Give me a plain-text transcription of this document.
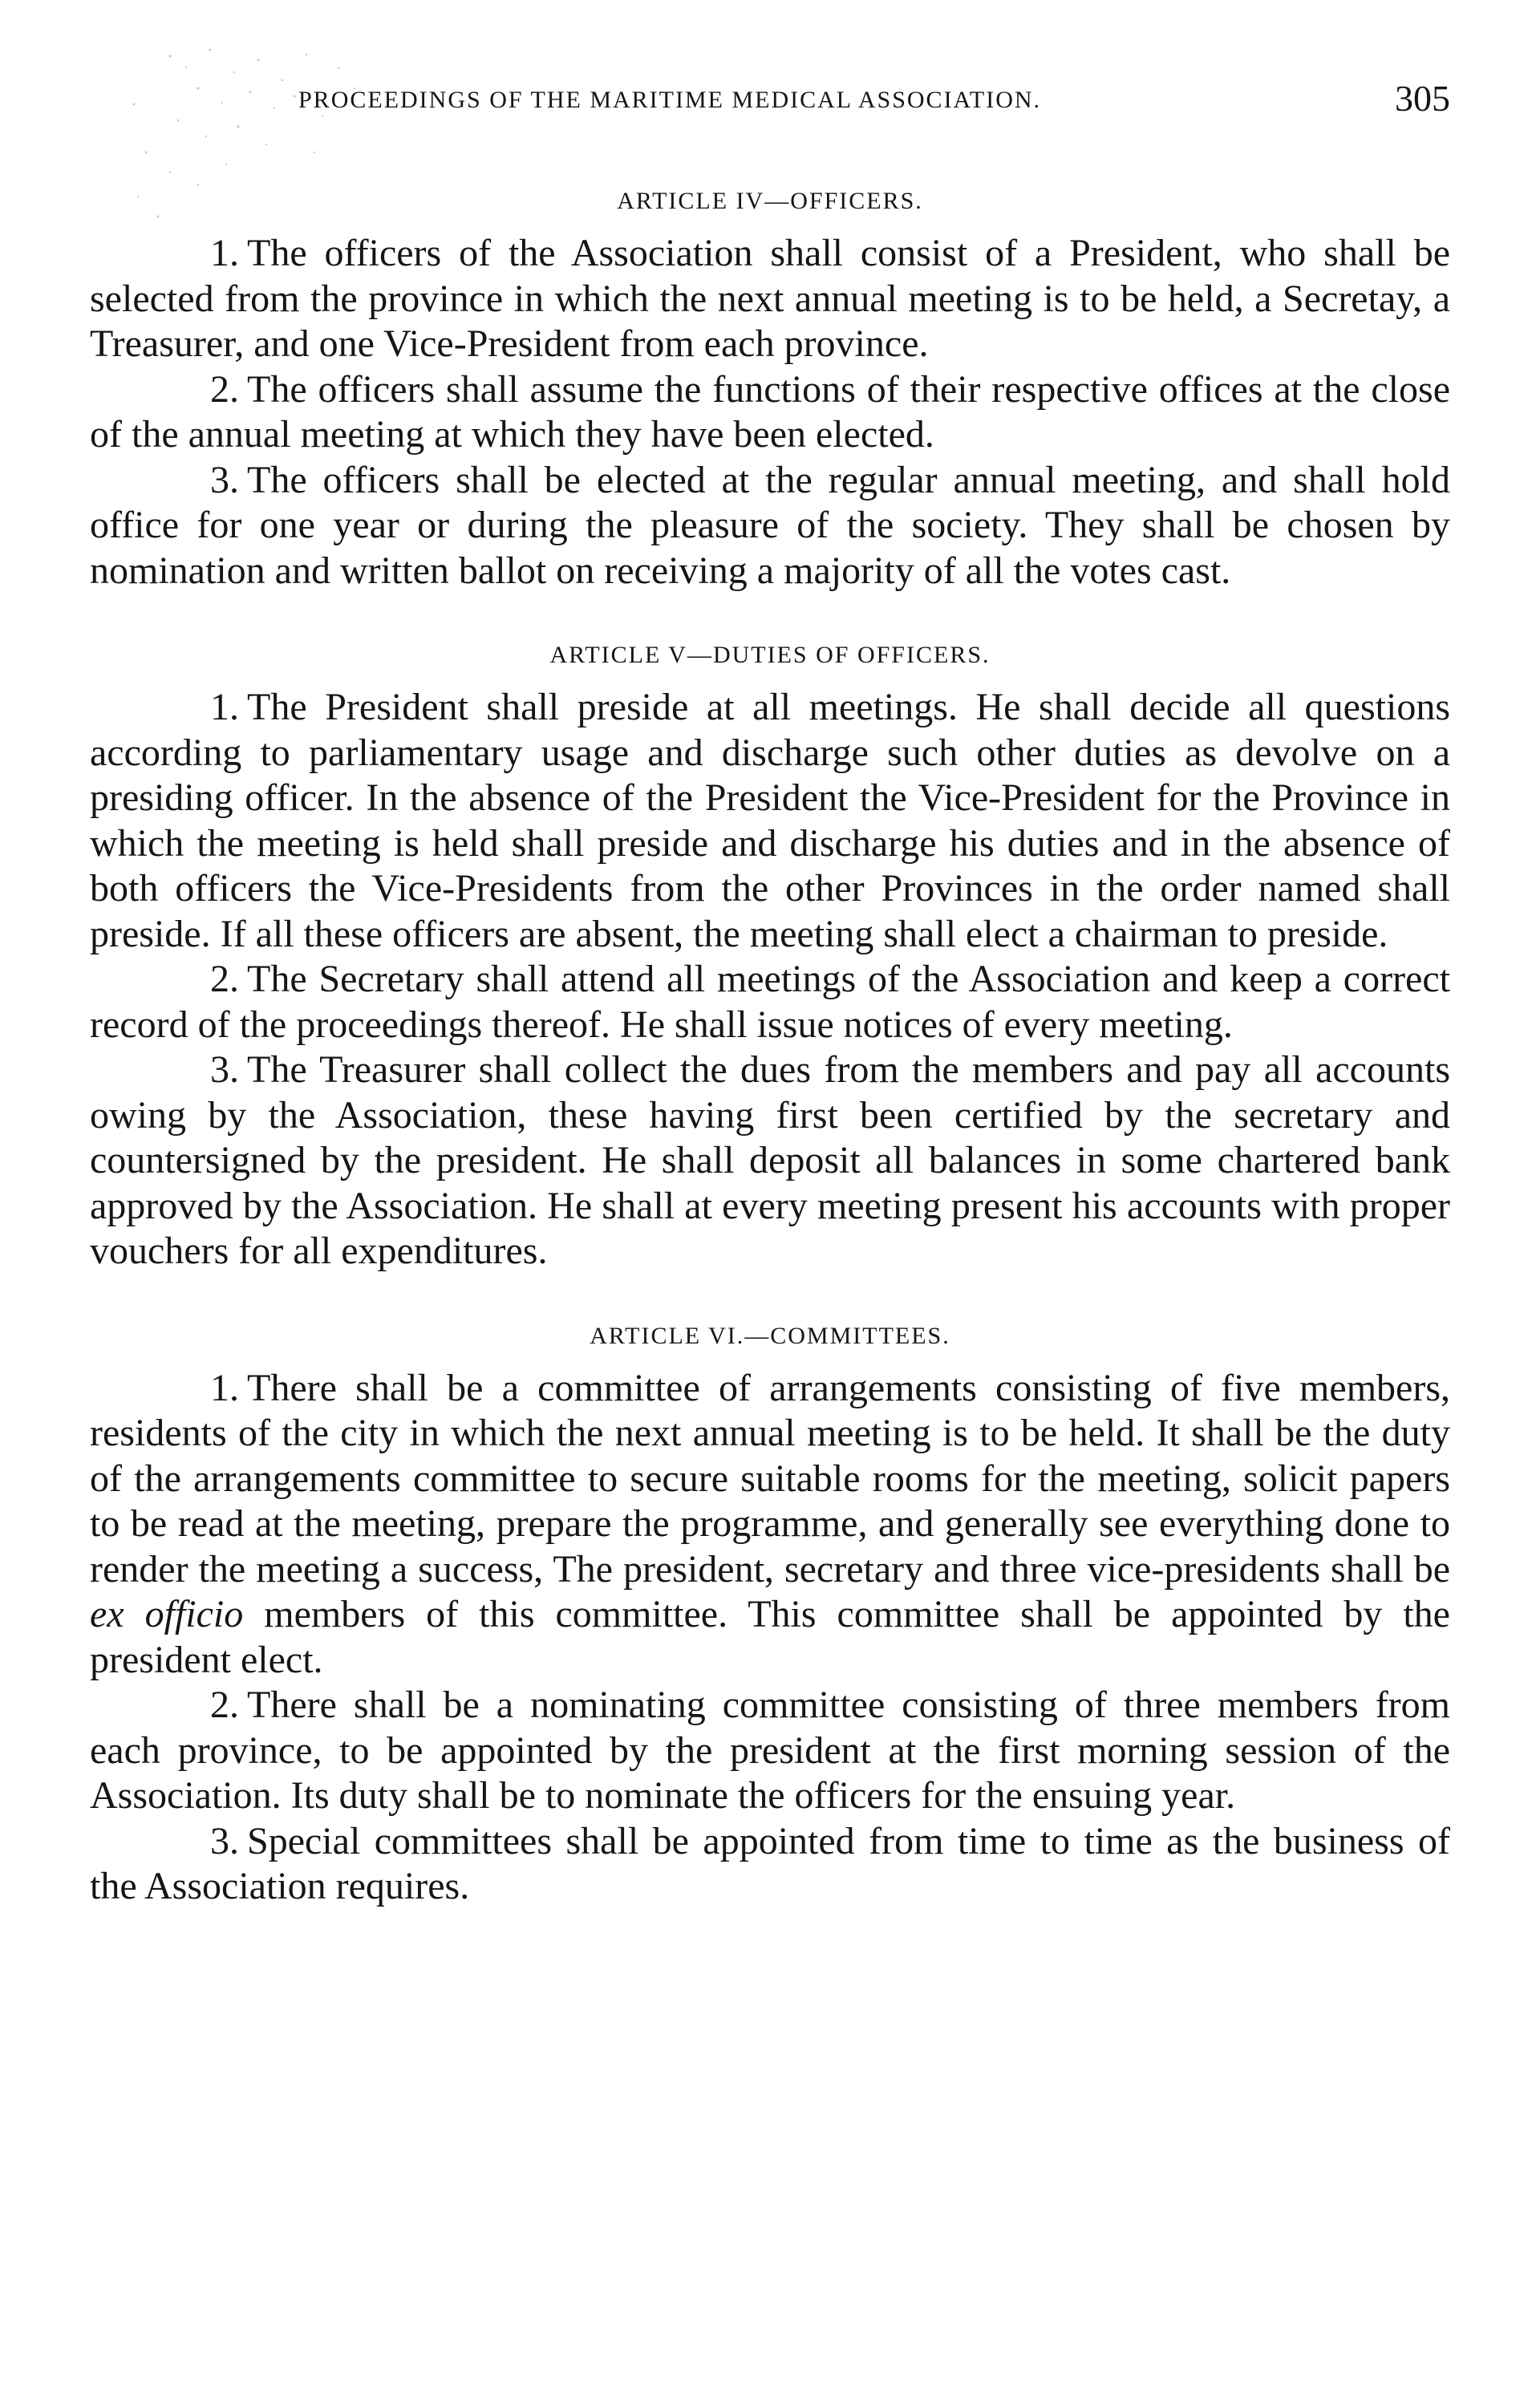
PROCEEDINGS OF THE MARITIME MEDICAL ASSOCIATION.	305

ARTICLE IV—OFFICERS.

1. The officers of the Association shall consist of a President, who shall be selected from the province in which the next annual meeting is to be held, a Secretay, a Treasurer, and one Vice-President from each province.

2. The officers shall assume the functions of their respective offices at the close of the annual meeting at which they have been elected.

3. The officers shall be elected at the regular annual meeting, and shall hold office for one year or during the pleasure of the society. They shall be chosen by nomination and written ballot on receiving a majority of all the votes cast.

ARTICLE V—DUTIES OF OFFICERS.

1. The President shall preside at all meetings. He shall decide all questions according to parliamentary usage and discharge such other duties as devolve on a presiding officer. In the absence of the President the Vice-President for the Province in which the meeting is held shall preside and discharge his duties and in the absence of both officers the Vice-Presidents from the other Provinces in the order named shall preside. If all these officers are absent, the meeting shall elect a chairman to preside.

2. The Secretary shall attend all meetings of the Association and keep a correct record of the proceedings thereof. He shall issue notices of every meeting.

3. The Treasurer shall collect the dues from the members and pay all accounts owing by the Association, these having first been certified by the secretary and countersigned by the president. He shall deposit all balances in some chartered bank approved by the Association. He shall at every meeting present his accounts with proper vouchers for all expenditures.

ARTICLE VI.—COMMITTEES.

1. There shall be a committee of arrangements consisting of five members, residents of the city in which the next annual meeting is to be held. It shall be the duty of the arrangements committee to secure suitable rooms for the meeting, solicit papers to be read at the meeting, prepare the programme, and generally see everything done to render the meeting a success, The president, secretary and three vice-presidents shall be ex officio members of this committee. This committee shall be appointed by the president elect.

2. There shall be a nominating committee consisting of three members from each province, to be appointed by the president at the first morning session of the Association. Its duty shall be to nominate the officers for the ensuing year.

3. Special committees shall be appointed from time to time as the business of the Association requires.
